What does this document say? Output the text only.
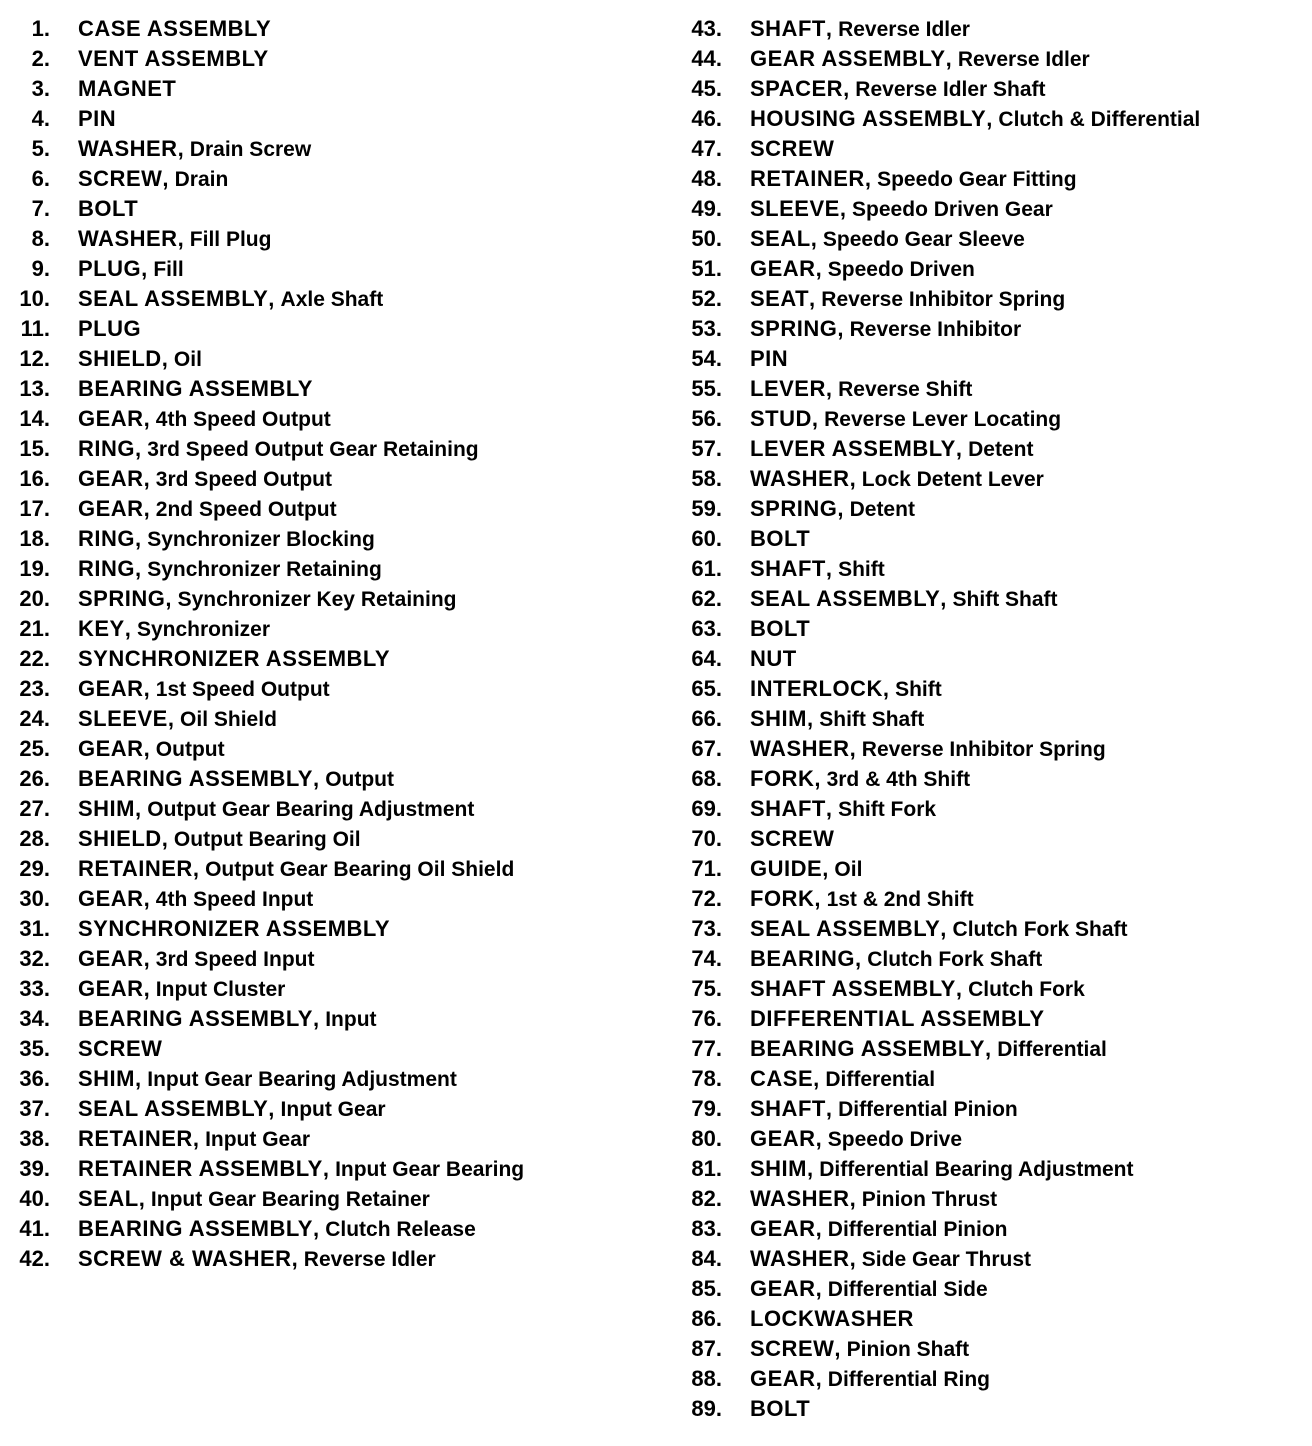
1. CASE ASSEMBLY
2. VENT ASSEMBLY
3. MAGNET
4. PIN
5. WASHER, Drain Screw
6. SCREW, Drain
7. BOLT
8. WASHER, Fill Plug
9. PLUG, Fill
10. SEAL ASSEMBLY, Axle Shaft
11. PLUG
12. SHIELD, Oil
13. BEARING ASSEMBLY
14. GEAR, 4th Speed Output
15. RING, 3rd Speed Output Gear Retaining
16. GEAR, 3rd Speed Output
17. GEAR, 2nd Speed Output
18. RING, Synchronizer Blocking
19. RING, Synchronizer Retaining
20. SPRING, Synchronizer Key Retaining
21. KEY, Synchronizer
22. SYNCHRONIZER ASSEMBLY
23. GEAR, 1st Speed Output
24. SLEEVE, Oil Shield
25. GEAR, Output
26. BEARING ASSEMBLY, Output
27. SHIM, Output Gear Bearing Adjustment
28. SHIELD, Output Bearing Oil
29. RETAINER, Output Gear Bearing Oil Shield
30. GEAR, 4th Speed Input
31. SYNCHRONIZER ASSEMBLY
32. GEAR, 3rd Speed Input
33. GEAR, Input Cluster
34. BEARING ASSEMBLY, Input
35. SCREW
36. SHIM, Input Gear Bearing Adjustment
37. SEAL ASSEMBLY, Input Gear
38. RETAINER, Input Gear
39. RETAINER ASSEMBLY, Input Gear Bearing
40. SEAL, Input Gear Bearing Retainer
41. BEARING ASSEMBLY, Clutch Release
42. SCREW & WASHER, Reverse Idler
43. SHAFT, Reverse Idler
44. GEAR ASSEMBLY, Reverse Idler
45. SPACER, Reverse Idler Shaft
46. HOUSING ASSEMBLY, Clutch & Differential
47. SCREW
48. RETAINER, Speedo Gear Fitting
49. SLEEVE, Speedo Driven Gear
50. SEAL, Speedo Gear Sleeve
51. GEAR, Speedo Driven
52. SEAT, Reverse Inhibitor Spring
53. SPRING, Reverse Inhibitor
54. PIN
55. LEVER, Reverse Shift
56. STUD, Reverse Lever Locating
57. LEVER ASSEMBLY, Detent
58. WASHER, Lock Detent Lever
59. SPRING, Detent
60. BOLT
61. SHAFT, Shift
62. SEAL ASSEMBLY, Shift Shaft
63. BOLT
64. NUT
65. INTERLOCK, Shift
66. SHIM, Shift Shaft
67. WASHER, Reverse Inhibitor Spring
68. FORK, 3rd & 4th Shift
69. SHAFT, Shift Fork
70. SCREW
71. GUIDE, Oil
72. FORK, 1st & 2nd Shift
73. SEAL ASSEMBLY, Clutch Fork Shaft
74. BEARING, Clutch Fork Shaft
75. SHAFT ASSEMBLY, Clutch Fork
76. DIFFERENTIAL ASSEMBLY
77. BEARING ASSEMBLY, Differential
78. CASE, Differential
79. SHAFT, Differential Pinion
80. GEAR, Speedo Drive
81. SHIM, Differential Bearing Adjustment
82. WASHER, Pinion Thrust
83. GEAR, Differential Pinion
84. WASHER, Side Gear Thrust
85. GEAR, Differential Side
86. LOCKWASHER
87. SCREW, Pinion Shaft
88. GEAR, Differential Ring
89. BOLT
